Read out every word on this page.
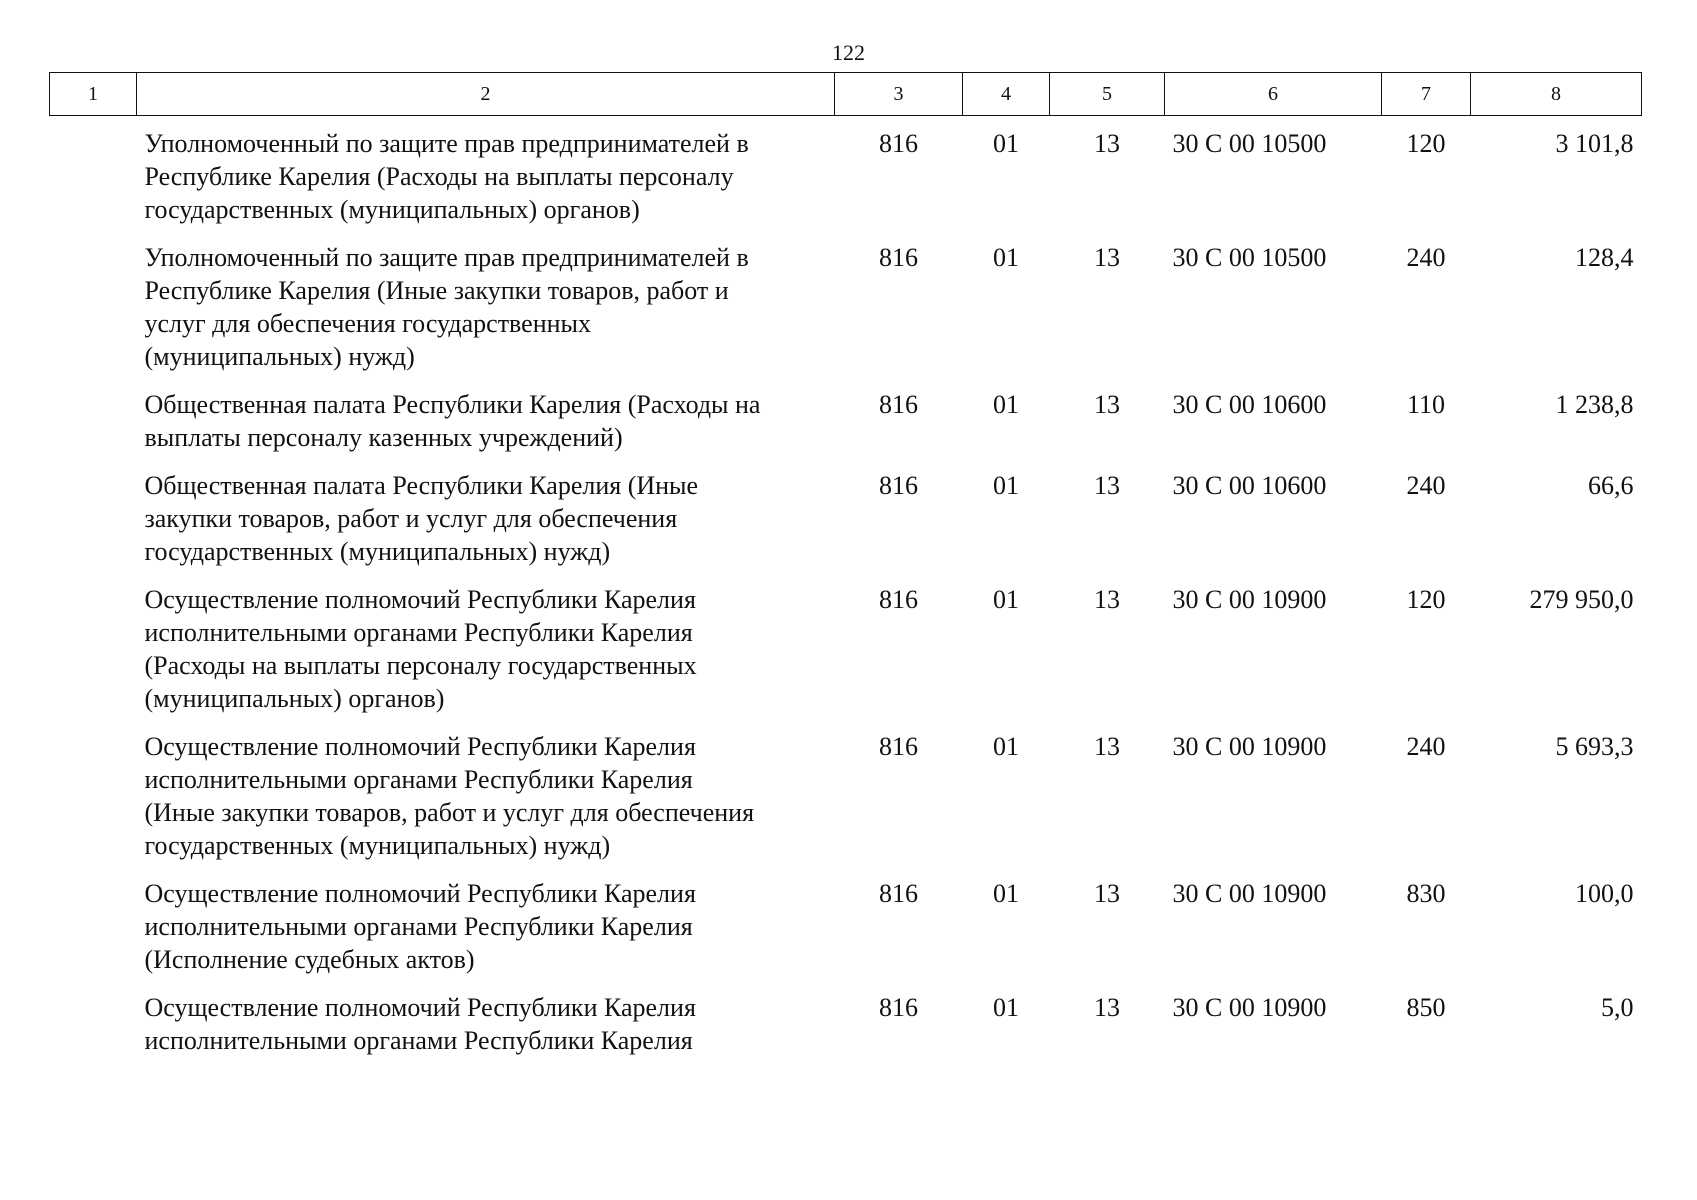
122
1	2	3	4	5	6	7	8

	Уполномоченный по защите прав предпринимателей в
Республике Карелия (Расходы на выплаты персоналу
государственных (муниципальных) органов)	816	01	13	30 С 00 10500	120	3 101,8

	Уполномоченный по защите прав предпринимателей в
Республике Карелия (Иные закупки товаров, работ и
услуг для обеспечения государственных
(муниципальных) нужд)	816	01	13	30 С 00 10500	240	128,4

	Общественная палата Республики Карелия (Расходы на
выплаты персоналу казенных учреждений)	816	01	13	30 С 00 10600	110	1 238,8

	Общественная палата Республики Карелия (Иные
закупки товаров, работ и услуг для обеспечения
государственных (муниципальных) нужд)	816	01	13	30 С 00 10600	240	66,6

	Осуществление полномочий Республики Карелия
исполнительными органами Республики Карелия
(Расходы на выплаты персоналу государственных
(муниципальных) органов)	816	01	13	30 С 00 10900	120	279 950,0

	Осуществление полномочий Республики Карелия
исполнительными органами Республики Карелия
(Иные закупки товаров, работ и услуг для обеспечения
государственных (муниципальных) нужд)	816	01	13	30 С 00 10900	240	5 693,3

	Осуществление полномочий Республики Карелия
исполнительными органами Республики Карелия
(Исполнение судебных актов)	816	01	13	30 С 00 10900	830	100,0

	Осуществление полномочий Республики Карелия
исполнительными органами Республики Карелия	816	01	13	30 С 00 10900	850	5,0
